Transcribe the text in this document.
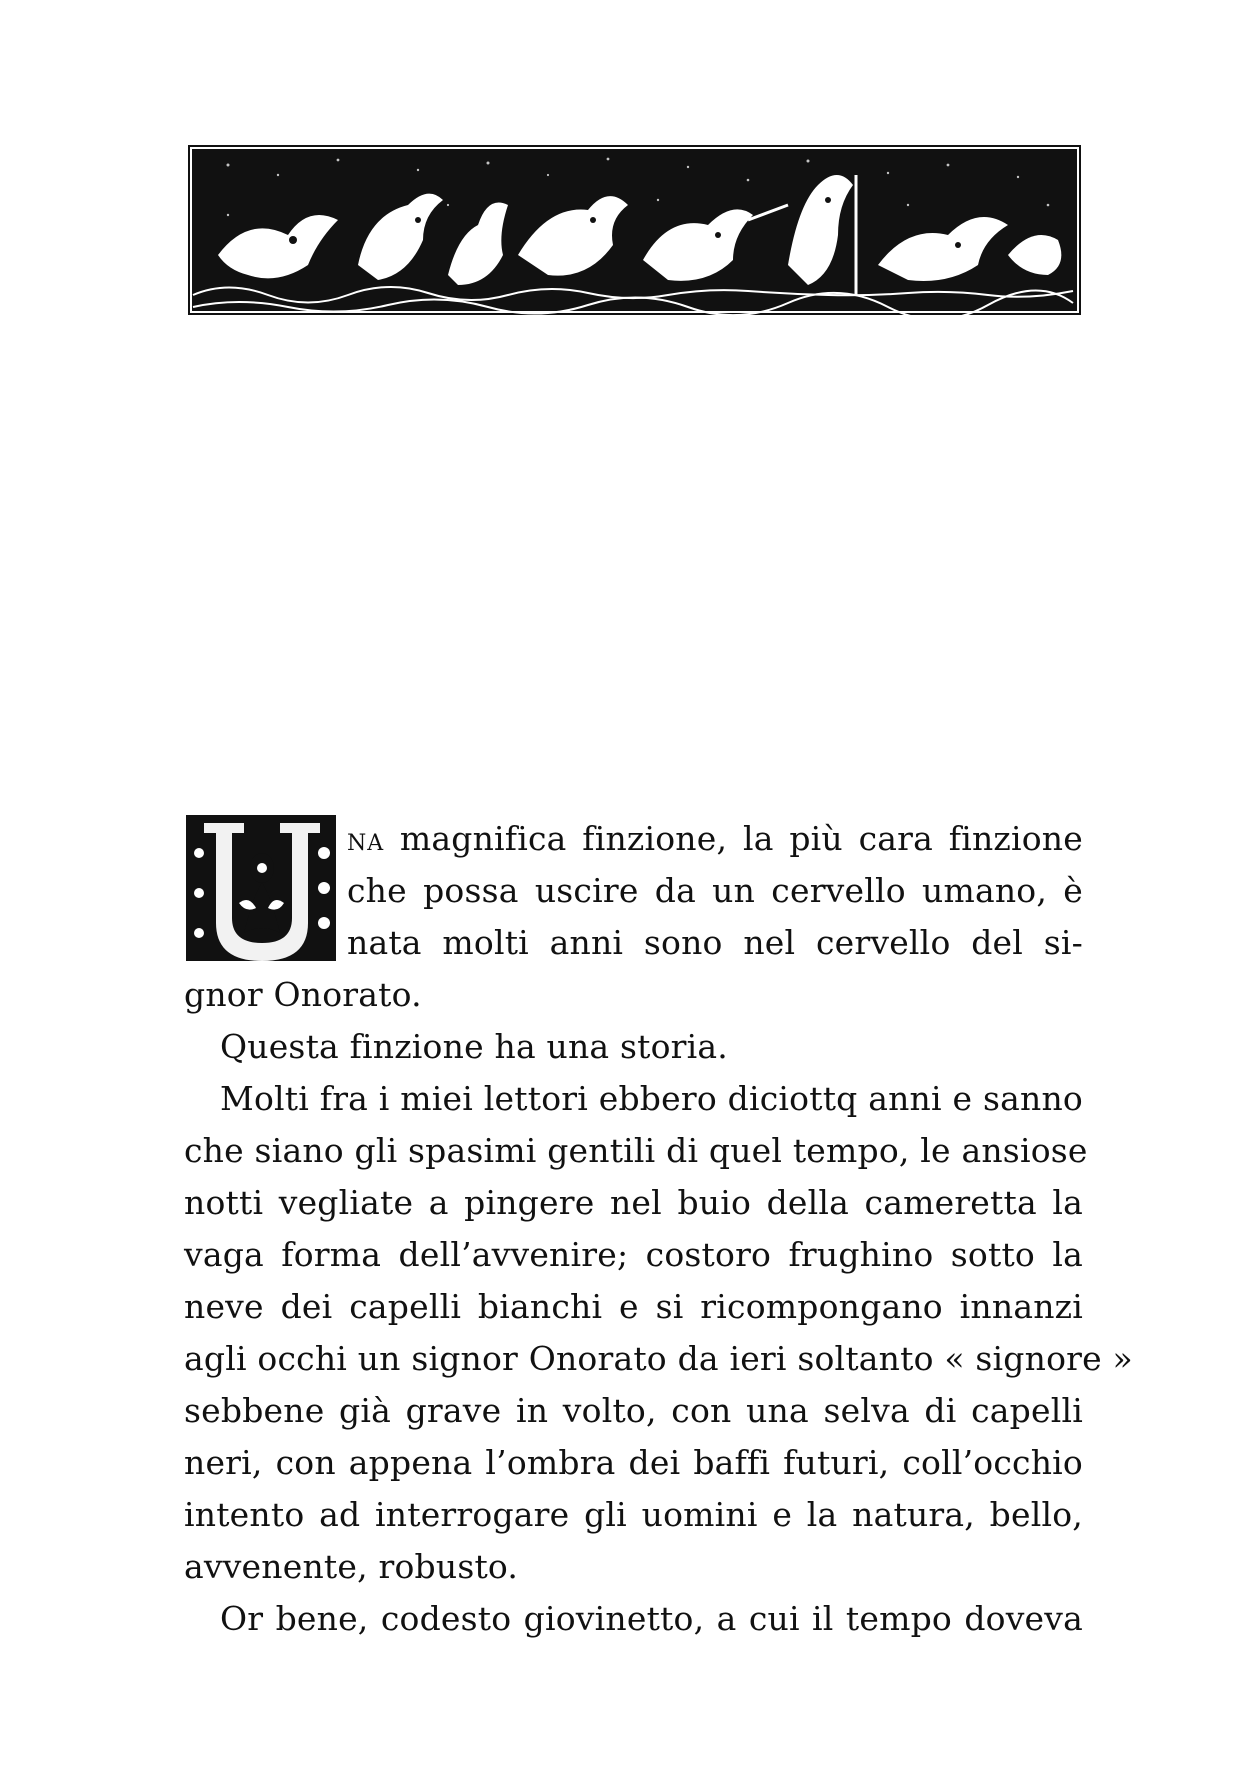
NA magnifica finzione, la più cara finzione
che possa uscire da un cervello umano, è
nata molti anni sono nel cervello del si-
gnor Onorato.
Questa finzione ha una storia.
Molti fra i miei lettori ebbero diciottq anni e sanno
che siano gli spasimi gentili di quel tempo, le ansiose
notti vegliate a pingere nel buio della cameretta la
vaga forma dell’avvenire; costoro frughino sotto la
neve dei capelli bianchi e si ricompongano innanzi
agli occhi un signor Onorato da ieri soltanto « signore »
sebbene già grave in volto, con una selva di capelli
neri, con appena l’ombra dei baffi futuri, coll’occhio
intento ad interrogare gli uomini e la natura, bello,
avvenente, robusto.
Or bene, codesto giovinetto, a cui il tempo doveva
